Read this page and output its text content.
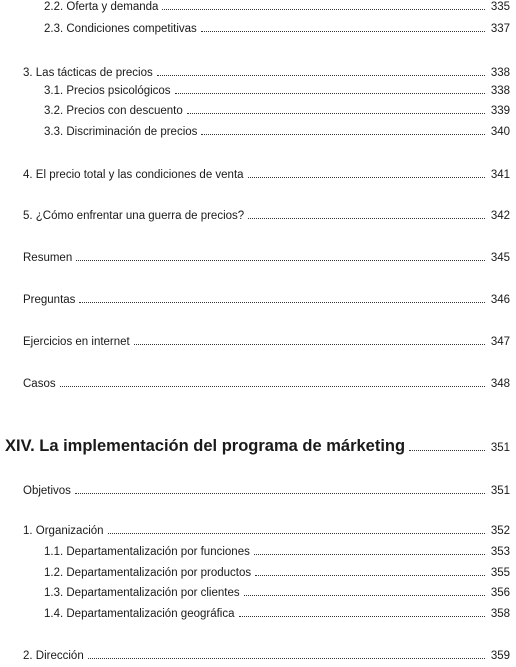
2.2. Oferta y demanda	335
2.3. Condiciones competitivas	337
3. Las tácticas de precios	338
3.1. Precios psicológicos	338
3.2. Precios con descuento	339
3.3. Discriminación de precios	340
4. El precio total y las condiciones de venta	341
5. ¿Cómo enfrentar una guerra de precios?	342
Resumen	345
Preguntas	346
Ejercicios en internet	347
Casos	348
XIV. La implementación del programa de márketing	351
Objetivos	351
1. Organización	352
1.1. Departamentalización por funciones	353
1.2. Departamentalización por productos	355
1.3. Departamentalización por clientes	356
1.4. Departamentalización geográfica	358
2. Dirección	359
